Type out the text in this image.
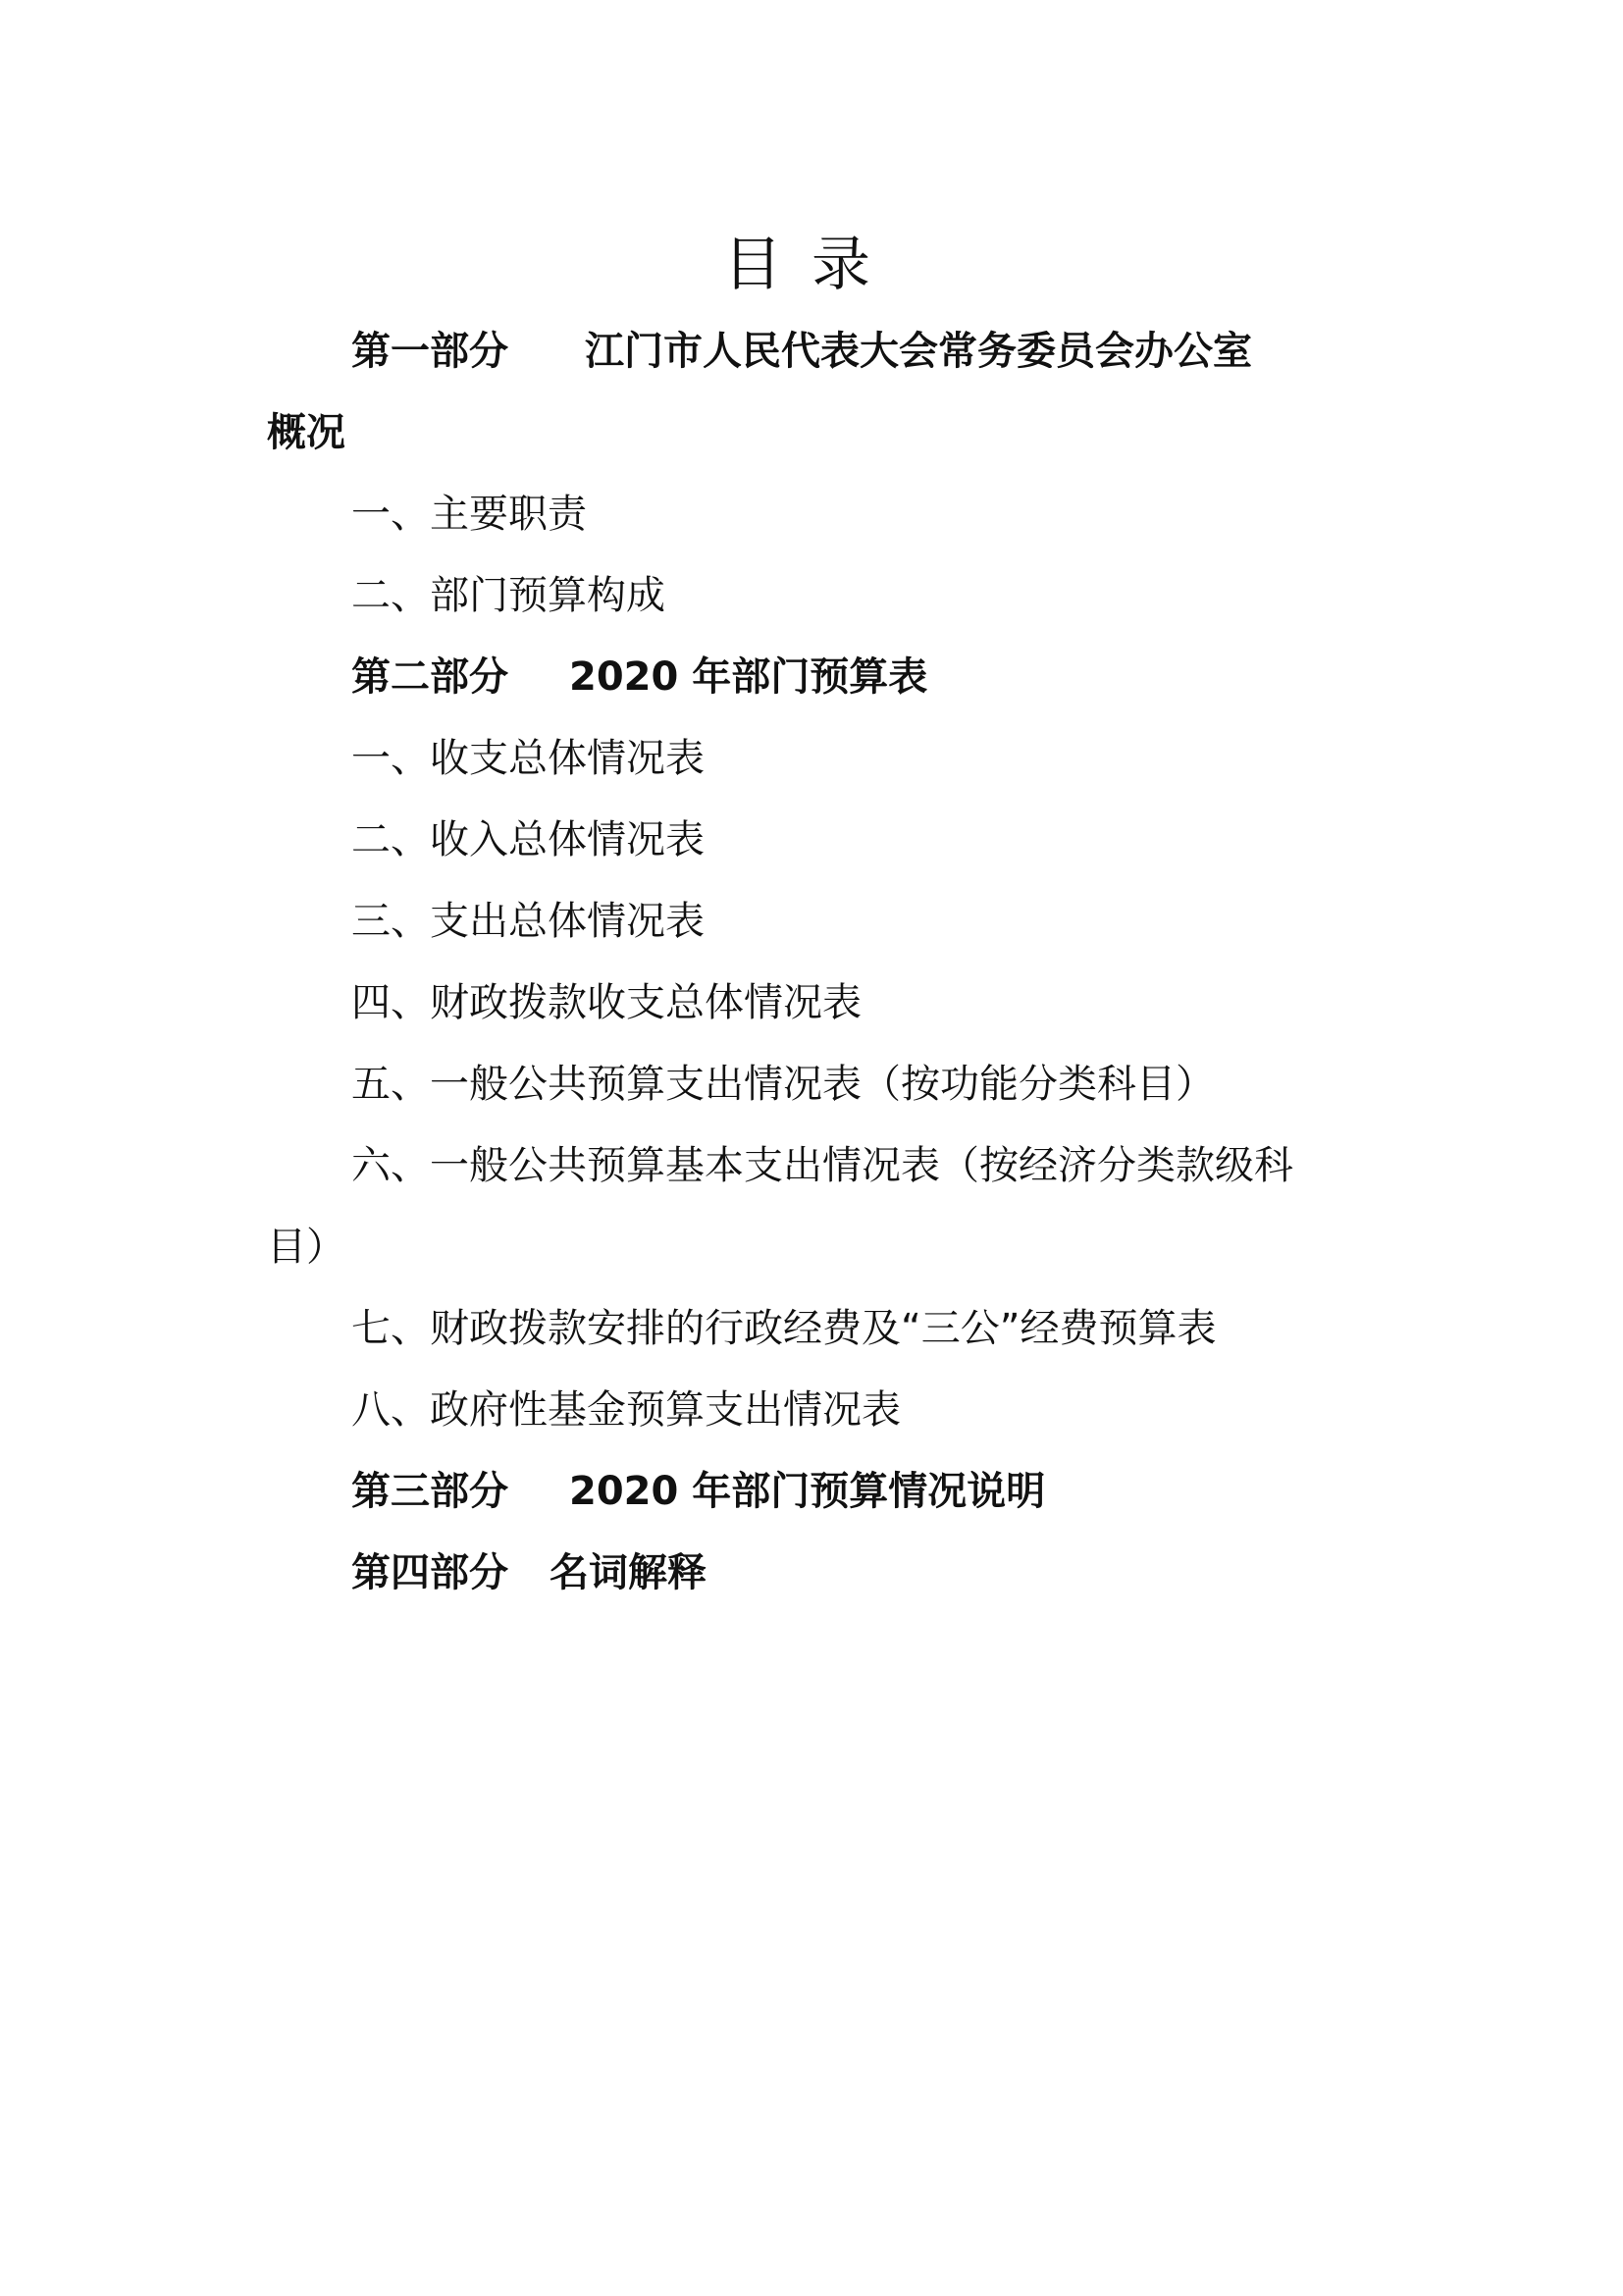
目录
第一部分 江门市人民代表大会常务委员会办公室
概况
一、主要职责
二、部门预算构成
第二部分 2020 年部门预算表
一、收支总体情况表
二、收入总体情况表
三、支出总体情况表
四、财政拨款收支总体情况表
五、一般公共预算支出情况表（按功能分类科目）
六、一般公共预算基本支出情况表（按经济分类款级科
目）
七、财政拨款安排的行政经费及“三公”经费预算表
八、政府性基金预算支出情况表
第三部分 2020 年部门预算情况说明
第四部分 名词解释
